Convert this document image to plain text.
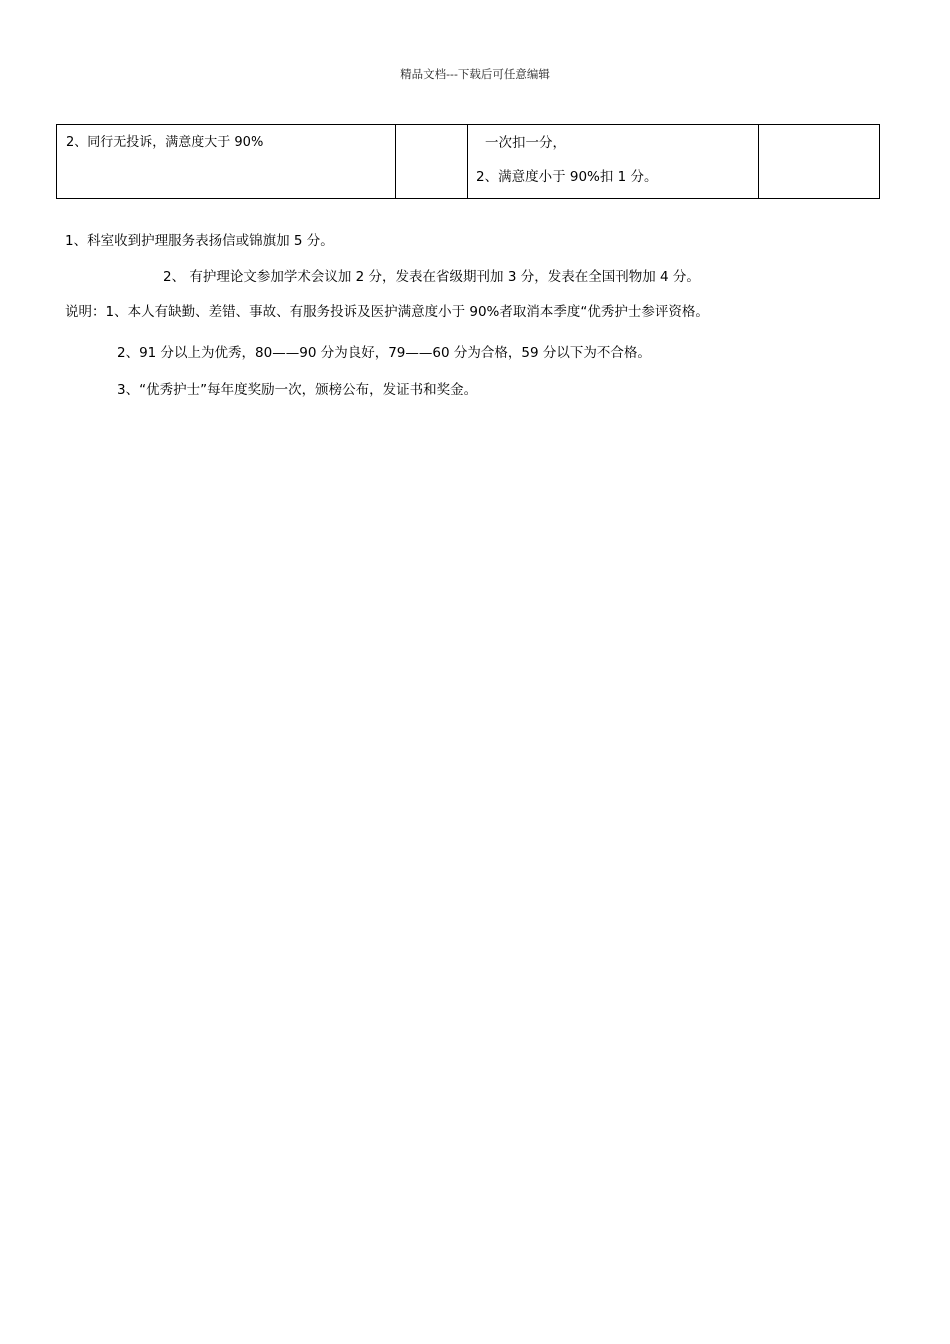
精品文档---下载后可任意编辑
2、同行无投诉，满意度大于 90%		一次扣一分，
2、满意度小于 90%扣 1 分。

1、科室收到护理服务表扬信或锦旗加 5 分。
2、 有护理论文参加学术会议加 2 分，发表在省级期刊加 3 分，发表在全国刊物加 4 分。
说明：1、本人有缺勤、差错、事故、有服务投诉及医护满意度小于 90%者取消本季度“优秀护士参评资格。
2、91 分以上为优秀，80——90 分为良好，79——60 分为合格，59 分以下为不合格。
3、“优秀护士”每年度奖励一次，颁榜公布，发证书和奖金。
